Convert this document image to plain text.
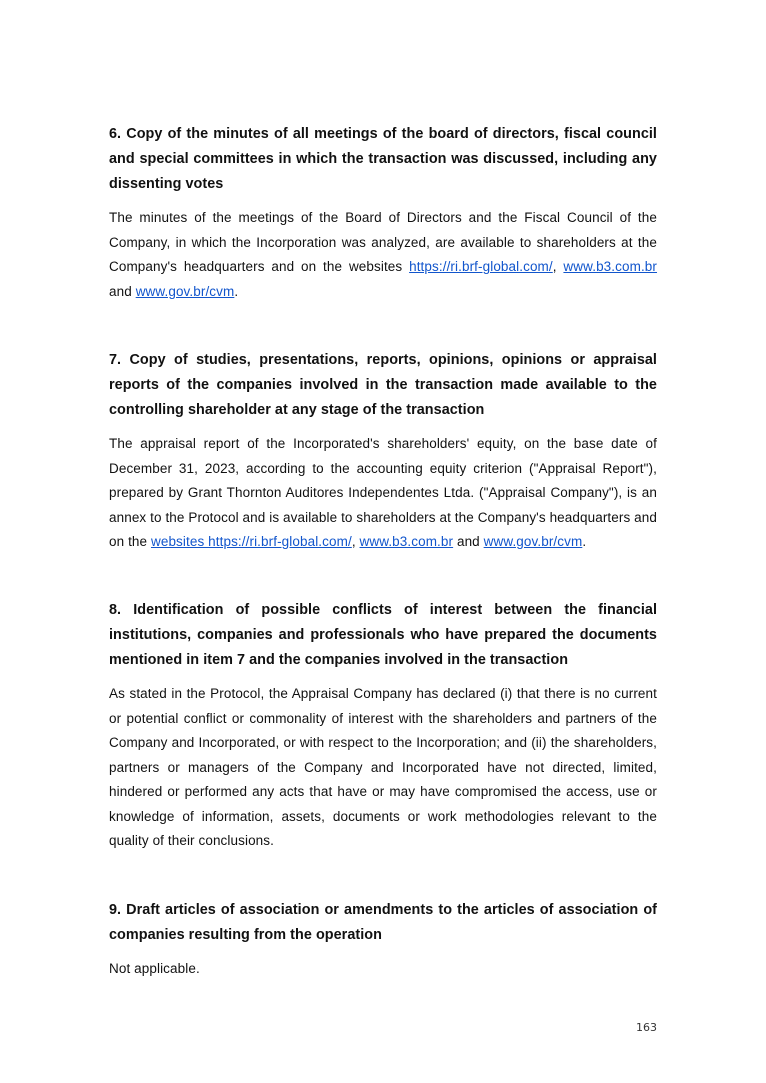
6. Copy of the minutes of all meetings of the board of directors, fiscal council and special committees in which the transaction was discussed, including any dissenting votes

The minutes of the meetings of the Board of Directors and the Fiscal Council of the Company, in which the Incorporation was analyzed, are available to shareholders at the Company's headquarters and on the websites https://ri.brf-global.com/, www.b3.com.br and www.gov.br/cvm.

7. Copy of studies, presentations, reports, opinions, opinions or appraisal reports of the companies involved in the transaction made available to the controlling shareholder at any stage of the transaction

The appraisal report of the Incorporated's shareholders' equity, on the base date of December 31, 2023, according to the accounting equity criterion ("Appraisal Report"), prepared by Grant Thornton Auditores Independentes Ltda. ("Appraisal Company"), is an annex to the Protocol and is available to shareholders at the Company's headquarters and on the websites https://ri.brf-global.com/, www.b3.com.br and www.gov.br/cvm.

8. Identification of possible conflicts of interest between the financial institutions, companies and professionals who have prepared the documents mentioned in item 7 and the companies involved in the transaction

As stated in the Protocol, the Appraisal Company has declared (i) that there is no current or potential conflict or commonality of interest with the shareholders and partners of the Company and Incorporated, or with respect to the Incorporation; and (ii) the shareholders, partners or managers of the Company and Incorporated have not directed, limited, hindered or performed any acts that have or may have compromised the access, use or knowledge of information, assets, documents or work methodologies relevant to the quality of their conclusions.

9. Draft articles of association or amendments to the articles of association of companies resulting from the operation

Not applicable.

163
